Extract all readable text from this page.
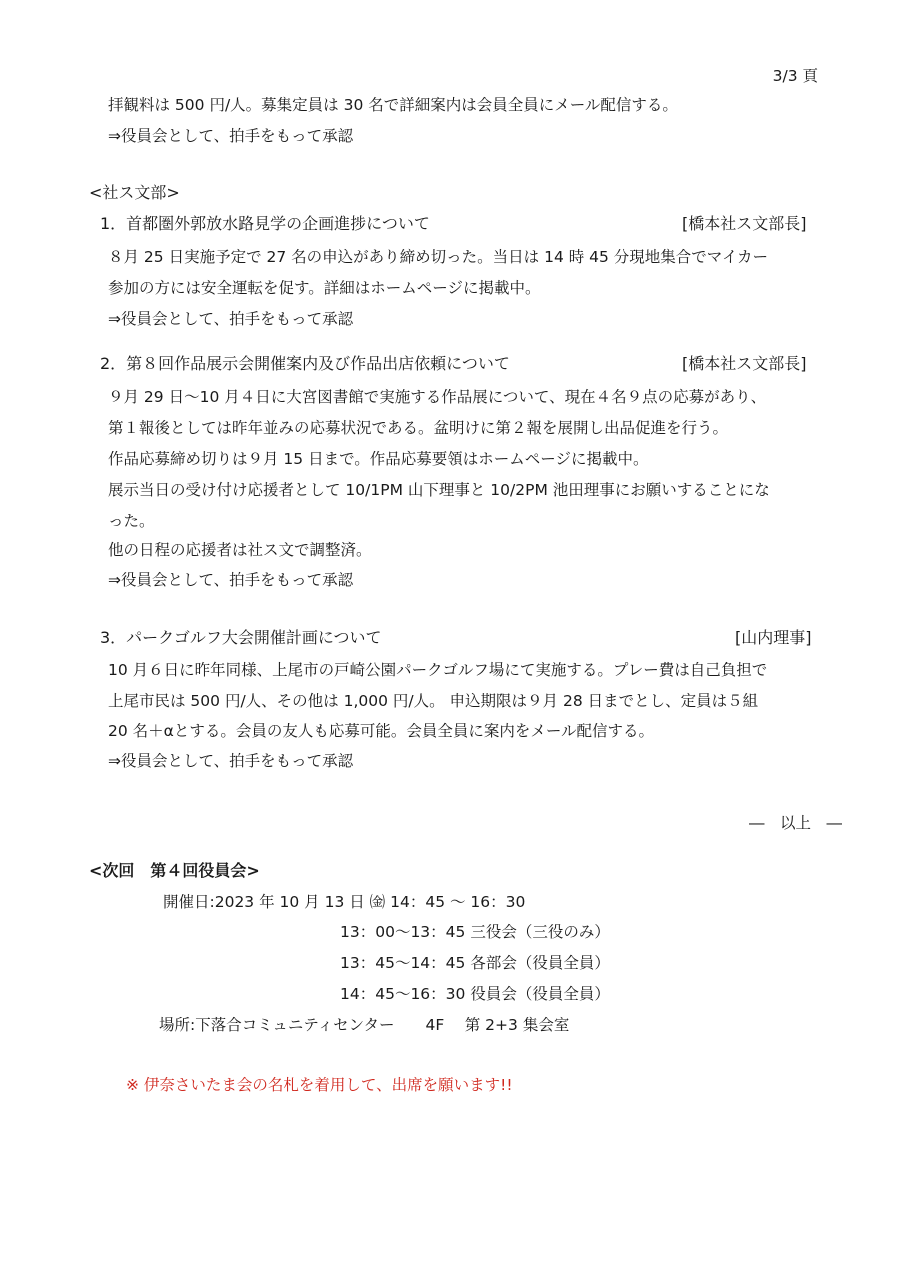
3/3 頁
拝観料は 500 円/人。募集定員は 30 名で詳細案内は会員全員にメール配信する。
⇒役員会として、拍手をもって承認
<社ス文部>
1．首都圏外郭放水路見学の企画進捗について	[橋本社ス文部長]
８月 25 日実施予定で 27 名の申込があり締め切った。当日は 14 時 45 分現地集合でマイカー
参加の方には安全運転を促す。詳細はホームページに掲載中。
⇒役員会として、拍手をもって承認
2．第８回作品展示会開催案内及び作品出店依頼について	[橋本社ス文部長]
９月 29 日～10 月４日に大宮図書館で実施する作品展について、現在４名９点の応募があり、
第１報後としては昨年並みの応募状況である。盆明けに第２報を展開し出品促進を行う。
作品応募締め切りは９月 15 日まで。作品応募要領はホームページに掲載中。
展示当日の受け付け応援者として 10/1PM 山下理事と 10/2PM 池田理事にお願いすることにな
った。
他の日程の応援者は社ス文で調整済。
⇒役員会として、拍手をもって承認
3．パークゴルフ大会開催計画について	[山内理事]
10 月６日に昨年同様、上尾市の戸崎公園パークゴルフ場にて実施する。プレー費は自己負担で
上尾市民は 500 円/人、その他は 1,000 円/人。 申込期限は９月 28 日までとし、定員は５組
20 名＋αとする。会員の友人も応募可能。会員全員に案内をメール配信する。
⇒役員会として、拍手をもって承認
―　以上　―
<次回　第４回役員会>
開催日:2023 年 10 月 13 日 ㈮ 14：45 ～ 16：30
13：00～13：45 三役会（三役のみ）
13：45～14：45 各部会（役員全員）
14：45～16：30 役員会（役員全員）
場所:下落合コミュニティセンター　　4F　 第 2+3 集会室
※ 伊奈さいたま会の名札を着用して、出席を願います!!
